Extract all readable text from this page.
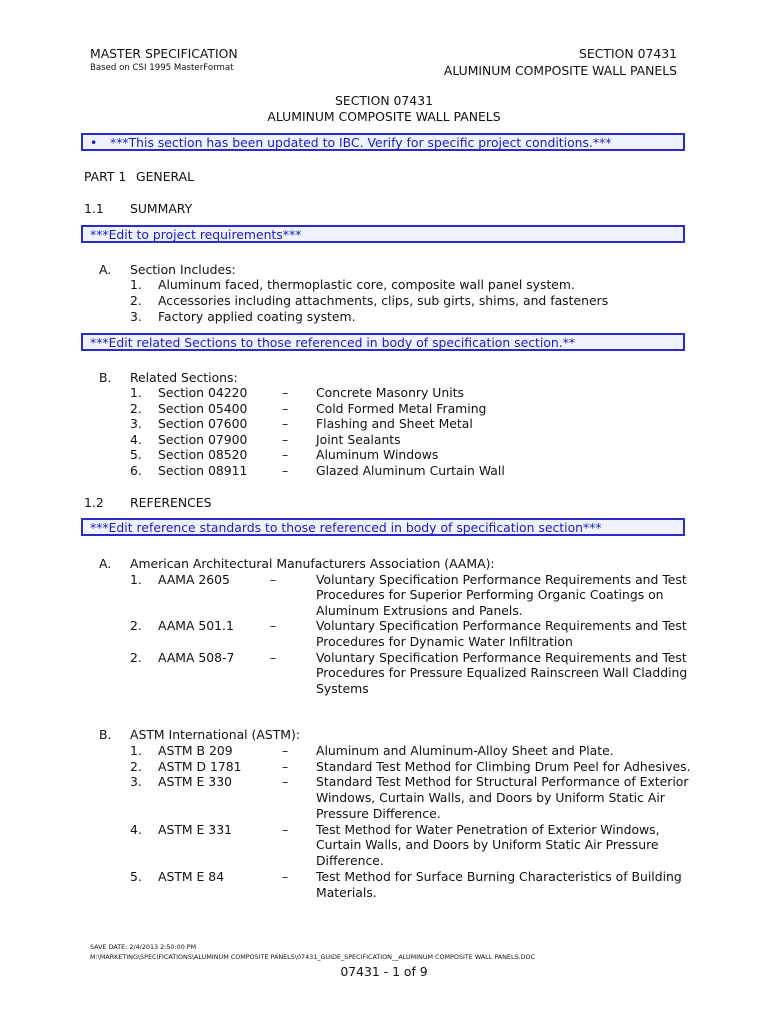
MASTER SPECIFICATION
Based on CSI 1995 MasterFormat
SECTION 07431
ALUMINUM COMPOSITE WALL PANELS
SECTION 07431
ALUMINUM COMPOSITE WALL PANELS
• ***This section has been updated to IBC. Verify for specific project conditions.***
PART 1 GENERAL
1.1 SUMMARY
***Edit to project requirements***
A. Section Includes:
1. Aluminum faced, thermoplastic core, composite wall panel system.
2. Accessories including attachments, clips, sub girts, shims, and fasteners
3. Factory applied coating system.
***Edit related Sections to those referenced in body of specification section.**
B. Related Sections:
1. Section 04220	– Concrete Masonry Units
2. Section 05400	– Cold Formed Metal Framing
3. Section 07600	– Flashing and Sheet Metal
4. Section 07900	– Joint Sealants
5. Section 08520	– Aluminum Windows
6. Section 08911	– Glazed Aluminum Curtain Wall
1.2 REFERENCES
***Edit reference standards to those referenced in body of specification section***
A. American Architectural Manufacturers Association (AAMA):
1. AAMA 2605	–	Voluntary Specification Performance Requirements and Test
Procedures for Superior Performing Organic Coatings on
Aluminum Extrusions and Panels.
2. AAMA 501.1	–	Voluntary Specification Performance Requirements and Test
Procedures for Dynamic Water Infiltration
2. AAMA 508-7	–	Voluntary Specification Performance Requirements and Test
Procedures for Pressure Equalized Rainscreen Wall Cladding
Systems
B. ASTM International (ASTM):
1. ASTM B 209	– Aluminum and Aluminum-Alloy Sheet and Plate.
2. ASTM D 1781	– Standard Test Method for Climbing Drum Peel for Adhesives.
3. ASTM E 330	– Standard Test Method for Structural Performance of Exterior
Windows, Curtain Walls, and Doors by Uniform Static Air
Pressure Difference.
4. ASTM E 331	– Test Method for Water Penetration of Exterior Windows,
Curtain Walls, and Doors by Uniform Static Air Pressure
Difference.
5. ASTM E 84	– Test Method for Surface Burning Characteristics of Building
Materials.
SAVE DATE: 2/4/2013 2:50:00 PM
M:\MARKETING\SPECIFICATIONS\ALUMINUM COMPOSITE PANELS\07431_GUIDE_SPECIFICATION__ALUMINUM COMPOSITE WALL PANELS.DOC
07431 - 1 of 9
